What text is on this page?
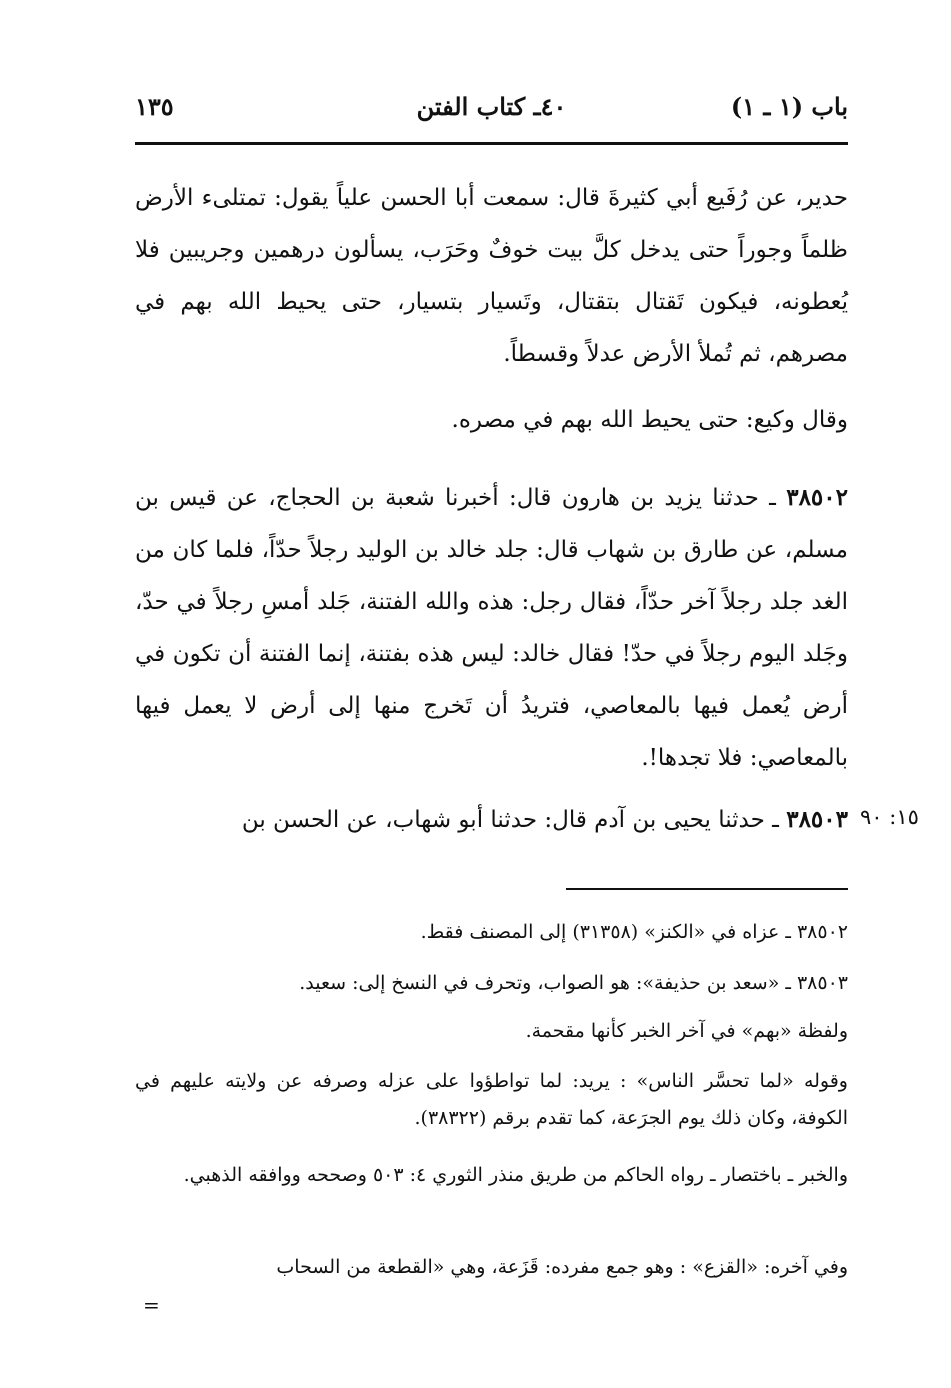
باب (١ ـ ١)
٤٠ـ كتاب الفتن
١٣٥

حدير، عن رُفَيع أبي كثيرةَ قال: سمعت أبا الحسن علياً يقول: تمتلىء الأرض ظلماً وجوراً حتى يدخل كلَّ بيت خوفٌ وحَرَب، يسألون درهمين وجريبين فلا يُعطونه، فيكون تَقتال بتقتال، وتَسيار بتسيار، حتى يحيط الله بهم في مصرهم، ثم تُملأ الأرض عدلاً وقسطاً.

وقال وكيع: حتى يحيط الله بهم في مصره.

٣٨٥٠٢ ـ حدثنا يزيد بن هارون قال: أخبرنا شعبة بن الحجاج، عن قيس بن مسلم، عن طارق بن شهاب قال: جلد خالد بن الوليد رجلاً حدّاً، فلما كان من الغد جلد رجلاً آخر حدّاً، فقال رجل: هذه والله الفتنة، جَلد أمسِ رجلاً في حدّ، وجَلد اليوم رجلاً في حدّ! فقال خالد: ليس هذه بفتنة، إنما الفتنة أن تكون في أرض يُعمل فيها بالمعاصي، فتريدُ أن تَخرج منها إلى أرض لا يعمل فيها بالمعاصي: فلا تجدها!.

٣٨٥٠٣ ـ حدثنا يحيى بن آدم قال: حدثنا أبو شهاب، عن الحسن بن	١٥: ٩٠

٣٨٥٠٢ ـ عزاه في «الكنز» (٣١٣٥٨) إلى المصنف فقط.

٣٨٥٠٣ ـ «سعد بن حذيفة»: هو الصواب، وتحرف في النسخ إلى: سعيد.

ولفظة «بهم» في آخر الخبر كأنها مقحمة.

وقوله «لما تحسَّر الناس» : يريد: لما تواطؤوا على عزله وصرفه عن ولايته عليهم في الكوفة، وكان ذلك يوم الجرَعة، كما تقدم برقم (٣٨٣٢٢).

والخبر ـ باختصار ـ رواه الحاكم من طريق منذر الثوري ٤: ٥٠٣ وصححه ووافقه الذهبي.

وفي آخره: «القزع» : وهو جمع مفرده: قَزَعة، وهي «القطعة من السحاب

=
